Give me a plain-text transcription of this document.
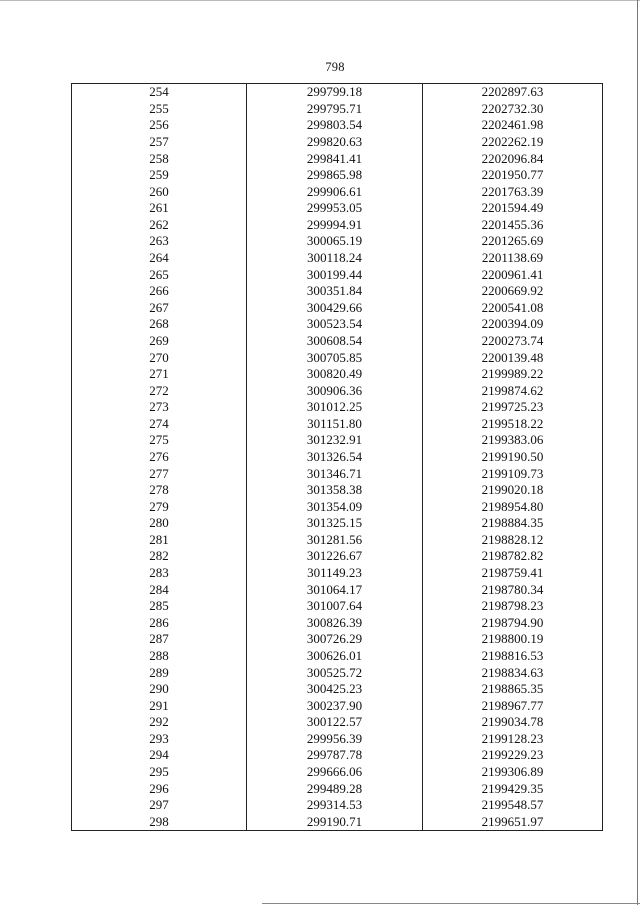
798
254	299799.18	2202897.63
255	299795.71	2202732.30
256	299803.54	2202461.98
257	299820.63	2202262.19
258	299841.41	2202096.84
259	299865.98	2201950.77
260	299906.61	2201763.39
261	299953.05	2201594.49
262	299994.91	2201455.36
263	300065.19	2201265.69
264	300118.24	2201138.69
265	300199.44	2200961.41
266	300351.84	2200669.92
267	300429.66	2200541.08
268	300523.54	2200394.09
269	300608.54	2200273.74
270	300705.85	2200139.48
271	300820.49	2199989.22
272	300906.36	2199874.62
273	301012.25	2199725.23
274	301151.80	2199518.22
275	301232.91	2199383.06
276	301326.54	2199190.50
277	301346.71	2199109.73
278	301358.38	2199020.18
279	301354.09	2198954.80
280	301325.15	2198884.35
281	301281.56	2198828.12
282	301226.67	2198782.82
283	301149.23	2198759.41
284	301064.17	2198780.34
285	301007.64	2198798.23
286	300826.39	2198794.90
287	300726.29	2198800.19
288	300626.01	2198816.53
289	300525.72	2198834.63
290	300425.23	2198865.35
291	300237.90	2198967.77
292	300122.57	2199034.78
293	299956.39	2199128.23
294	299787.78	2199229.23
295	299666.06	2199306.89
296	299489.28	2199429.35
297	299314.53	2199548.57
298	299190.71	2199651.97
